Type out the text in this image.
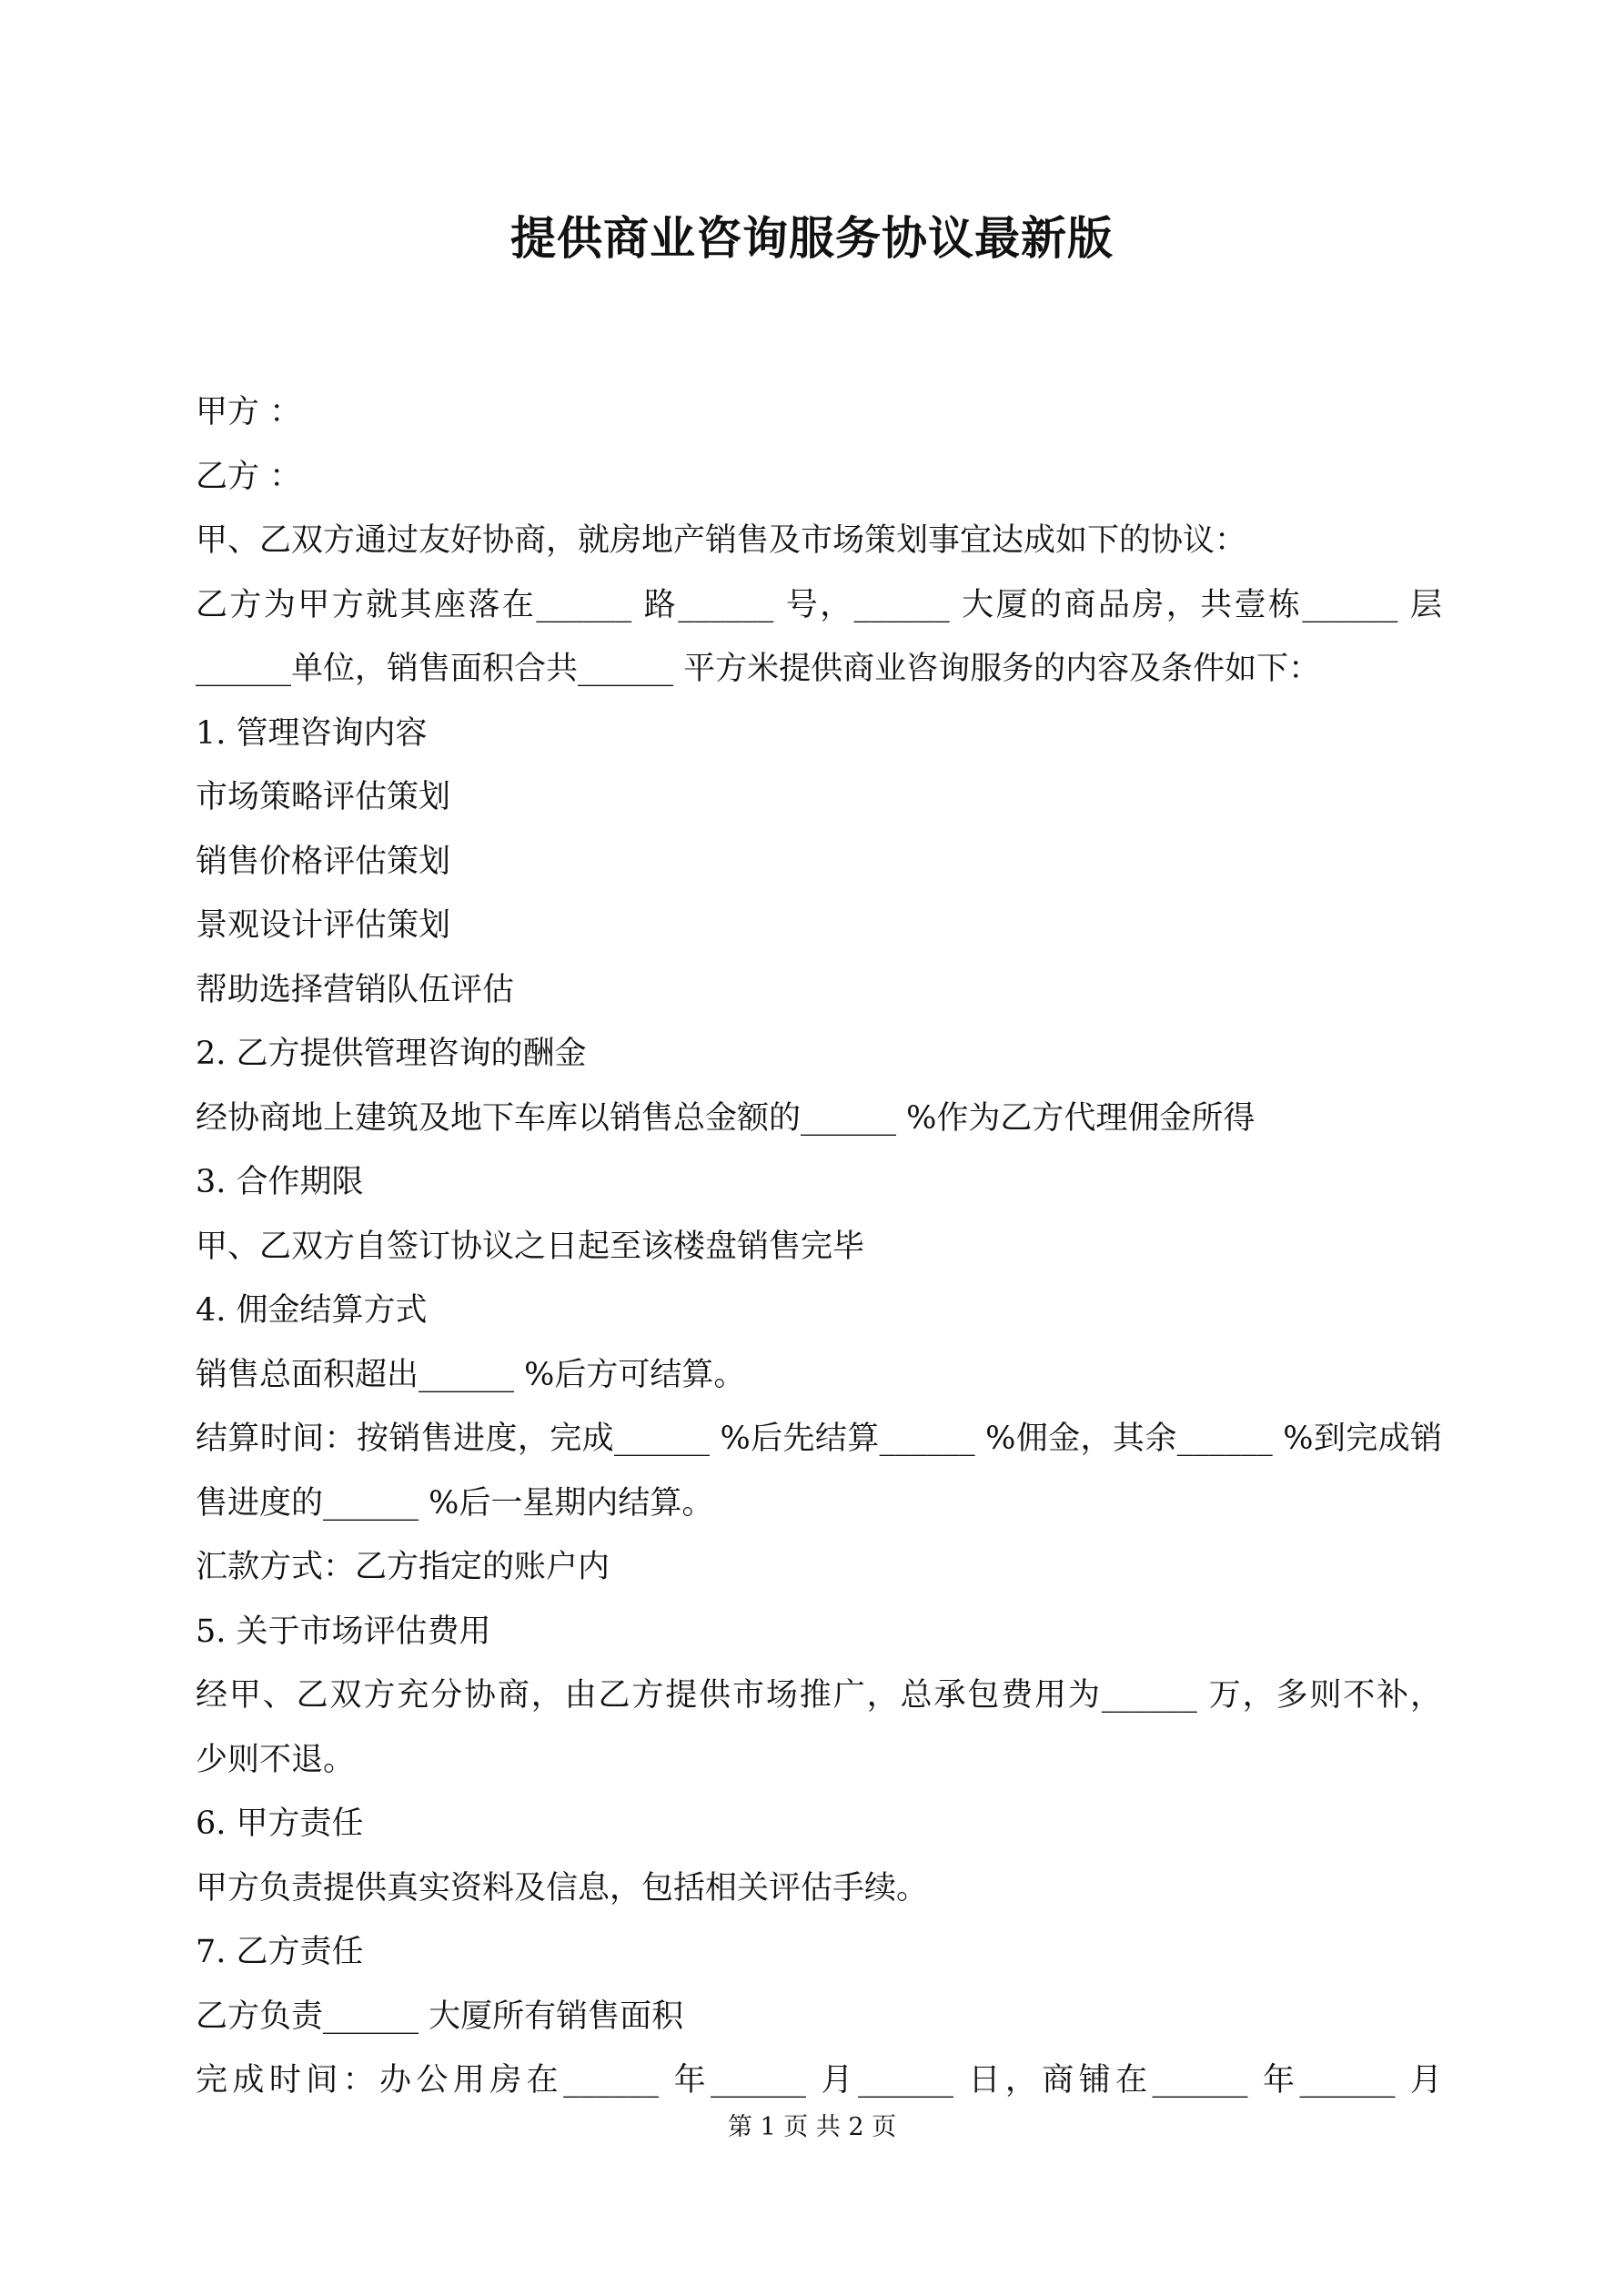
提供商业咨询服务协议最新版
甲方 ：
乙方 ：
甲、乙双方通过友好协商，就房地产销售及市场策划事宜达成如下的协议：
乙方为甲方就其座落在______ 路______ 号，______ 大厦的商品房，共壹栋______ 层
______单位，销售面积合共______ 平方米提供商业咨询服务的内容及条件如下：
1. 管理咨询内容
市场策略评估策划
销售价格评估策划
景观设计评估策划
帮助选择营销队伍评估
2. 乙方提供管理咨询的酬金
经协商地上建筑及地下车库以销售总金额的______ %作为乙方代理佣金所得
3. 合作期限
甲、乙双方自签订协议之日起至该楼盘销售完毕
4. 佣金结算方式
销售总面积超出______ %后方可结算。
结算时间：按销售进度，完成______ %后先结算______ %佣金，其余______ %到完成销
售进度的______ %后一星期内结算。
汇款方式：乙方指定的账户内
5. 关于市场评估费用
经甲、乙双方充分协商，由乙方提供市场推广，总承包费用为______ 万，多则不补，
少则不退。
6. 甲方责任
甲方负责提供真实资料及信息，包括相关评估手续。
7. 乙方责任
乙方负责______ 大厦所有销售面积
完成时间：办公用房在______ 年______ 月______ 日，商铺在______ 年______ 月
第 1 页 共 2 页
